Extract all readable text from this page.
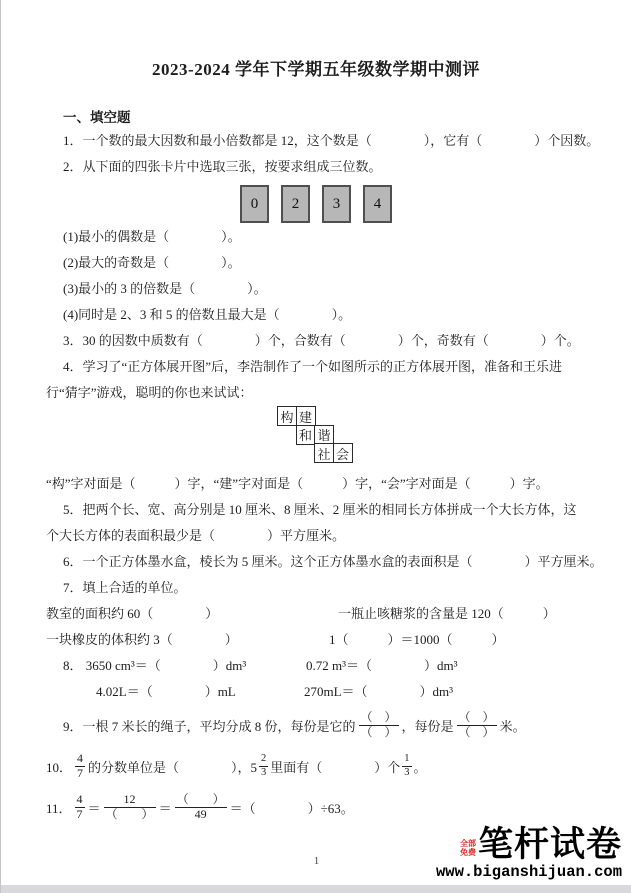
2023-2024 学年下学期五年级数学期中测评
一、填空题
1．一个数的最大因数和最小倍数都是 12，这个数是（　　　　），它有（　　　　）个因数。
2．从下面的四张卡片中选取三张，按要求组成三位数。
0	2	3	4
(1)最小的偶数是（　　　　）。
(2)最大的奇数是（　　　　）。
(3)最小的 3 的倍数是（　　　　）。
(4)同时是 2、3 和 5 的倍数且最大是（　　　　）。
3．30 的因数中质数有（　　　　）个，合数有（　　　　）个，奇数有（　　　　）个。
4．学习了“正方体展开图”后，李浩制作了一个如图所示的正方体展开图，准备和王乐进
行“猜字”游戏，聪明的你也来试试：
构 建
和 谐
社 会
“构”字对面是（　　　）字，“建”字对面是（　　　）字，“会”字对面是（　　　）字。
5．把两个长、宽、高分别是 10 厘米、8 厘米、2 厘米的相同长方体拼成一个大长方体，这
个大长方体的表面积最少是（　　　　）平方厘米。
6．一个正方体墨水盒，棱长为 5 厘米。这个正方体墨水盒的表面积是（　　　　）平方厘米。
7．填上合适的单位。
教室的面积约 60（　　　　）	一瓶止咳糖浆的含量是 120（　　　）
一块橡皮的体积约 3（　　　　）	1（　　　）＝1000（　　　）
8． 3650 cm³＝（　　　　）dm³	0.72 m³＝（　　　　）dm³
4.02L＝（　　　　）mL	270mL＝（　　　　）dm³
9．一根 7 米长的绳子，平均分成 8 份，每份是它的 $\frac{( )}{( )}$ ，每份是 $\frac{( )}{( )}$ 米。
10． $\frac{4}{7}$ 的分数单位是（　　　　），$5 \frac{2}{3}$ 里面有（　　　　）个 $\frac{1}{3}$ 。
11． $\frac{4}{7} = \frac{12}{( )} = \frac{( )}{49}$ ＝（　　　　）÷63。
1
全部免费 笔杆试卷
www.biganshijuan.com
